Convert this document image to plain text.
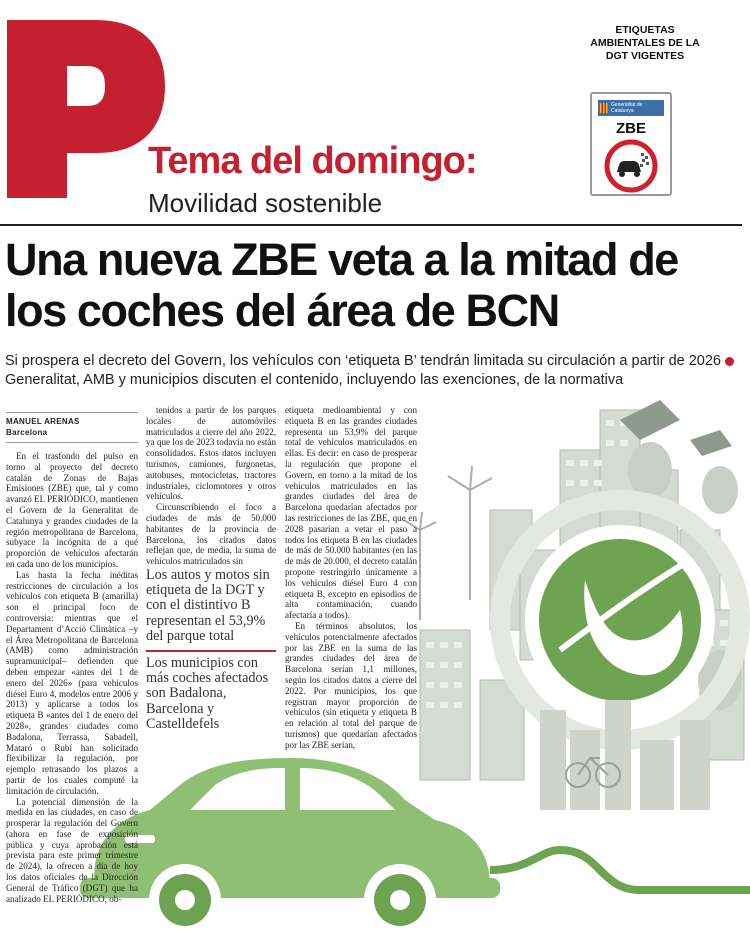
Tema del domingo:
Movilidad sostenible
ETIQUETAS AMBIENTALES DE LA DGT VIGENTES
Generalitat de Catalunya
ZBE
Una nueva ZBE veta a la mitad de los coches del área de BCN
Si prospera el decreto del Govern, los vehículos con ‘etiqueta B’ tendrán limitada su circulación a partir de 2026Generalitat, AMB y municipios discuten el contenido, incluyendo las exenciones, de la normativa
MANUEL ARENAS
Barcelona

En el trasfondo del pulso en torno al proyecto del decreto catalán de Zonas de Bajas Emisiones (ZBE) que, tal y como avanzó EL PERIÓDICO, mantienen el Govern de la Generalitat de Catalunya y grandes ciudades de la región metropolitana de Barcelona, subyace la incógnita de a qué proporción de vehículos afectarán en cada uno de los municipios.

Las hasta la fecha inéditas restricciones de circulación a los vehículos con etiqueta B (amarilla) son el principal foco de controversia: mientras que el Departament d’Acció Climàtica –y el Área Metropolitana de Barcelona (AMB) como administración supramunicipal– defienden que deben empezar «antes del 1 de enero del 2026» (para vehículos diésel Euro 4, modelos entre 2006 y 2013) y aplicarse a todos los etiqueta B «antes del 1 de enero del 2028», grandes ciudades como Badalona, Terrassa, Sabadell, Mataró o Rubí han solicitado flexibilizar la regulación, por ejemplo retrasando los plazos a partir de los cuales computé la limitación de circulación.

La potencial dimensión de la medida en las ciudades, en caso de prosperar la regulación del Govern (ahora en fase de exposición pública y cuya aprobación está prevista para este primer trimestre de 2024), la ofrecen a día de hoy los datos oficiales de la Dirección General de Tráfico (DGT) que ha analizado EL PERIÓDICO, ob-

tenidos a partir de los parques locales de automóviles matriculados a cierre del año 2022, ya que los de 2023 todavía no están consolidados. Estos datos incluyen turismos, camiones, furgonetas, autobuses, motocicletas, tractores industriales, ciclomotores y otros vehículos.

Circunscribiendo el foco a ciudades de más de 50.000 habitantes de la provincia de Barcelona, los citados datos reflejan que, de media, la suma de vehículos matriculados sin

Los autos y motos sin etiqueta de la DGT y con el distintivo B representan el 53,9% del parque total
Los municipios con más coches afectados son Badalona, Barcelona y Castelldefels

etiqueta medioambiental y con etiqueta B en las grandes ciudades representa un 53,9% del parque total de vehículos matriculados en ellas. Es decir: en caso de prosperar la regulación que propone el Govern, en torno a la mitad de los vehículos matriculados en las grandes ciudades del área de Barcelona quedarían afectados por las restricciones de las ZBE, que en 2028 pasarían a vetar el paso a todos los etiqueta B en las ciudades de más de 50.000 habitantes (en las de más de 20.000, el decreto catalán propone restringirlo únicamente a los vehículos diésel Euro 4 con etiqueta B, excepto en episodios de alta contaminación, cuando afectaría a todos).

En términos absolutos, los vehículos potencialmente afectados por las ZBE en la suma de las grandes ciudades del área de Barcelona serían 1,1 millones, según los citados datos a cierre del 2022. Por municipios, los que registran mayor proporción de vehículos (sin etiqueta y etiqueta B en relación al total del parque de turismos) que quedarían afectados por las ZBE serían,
